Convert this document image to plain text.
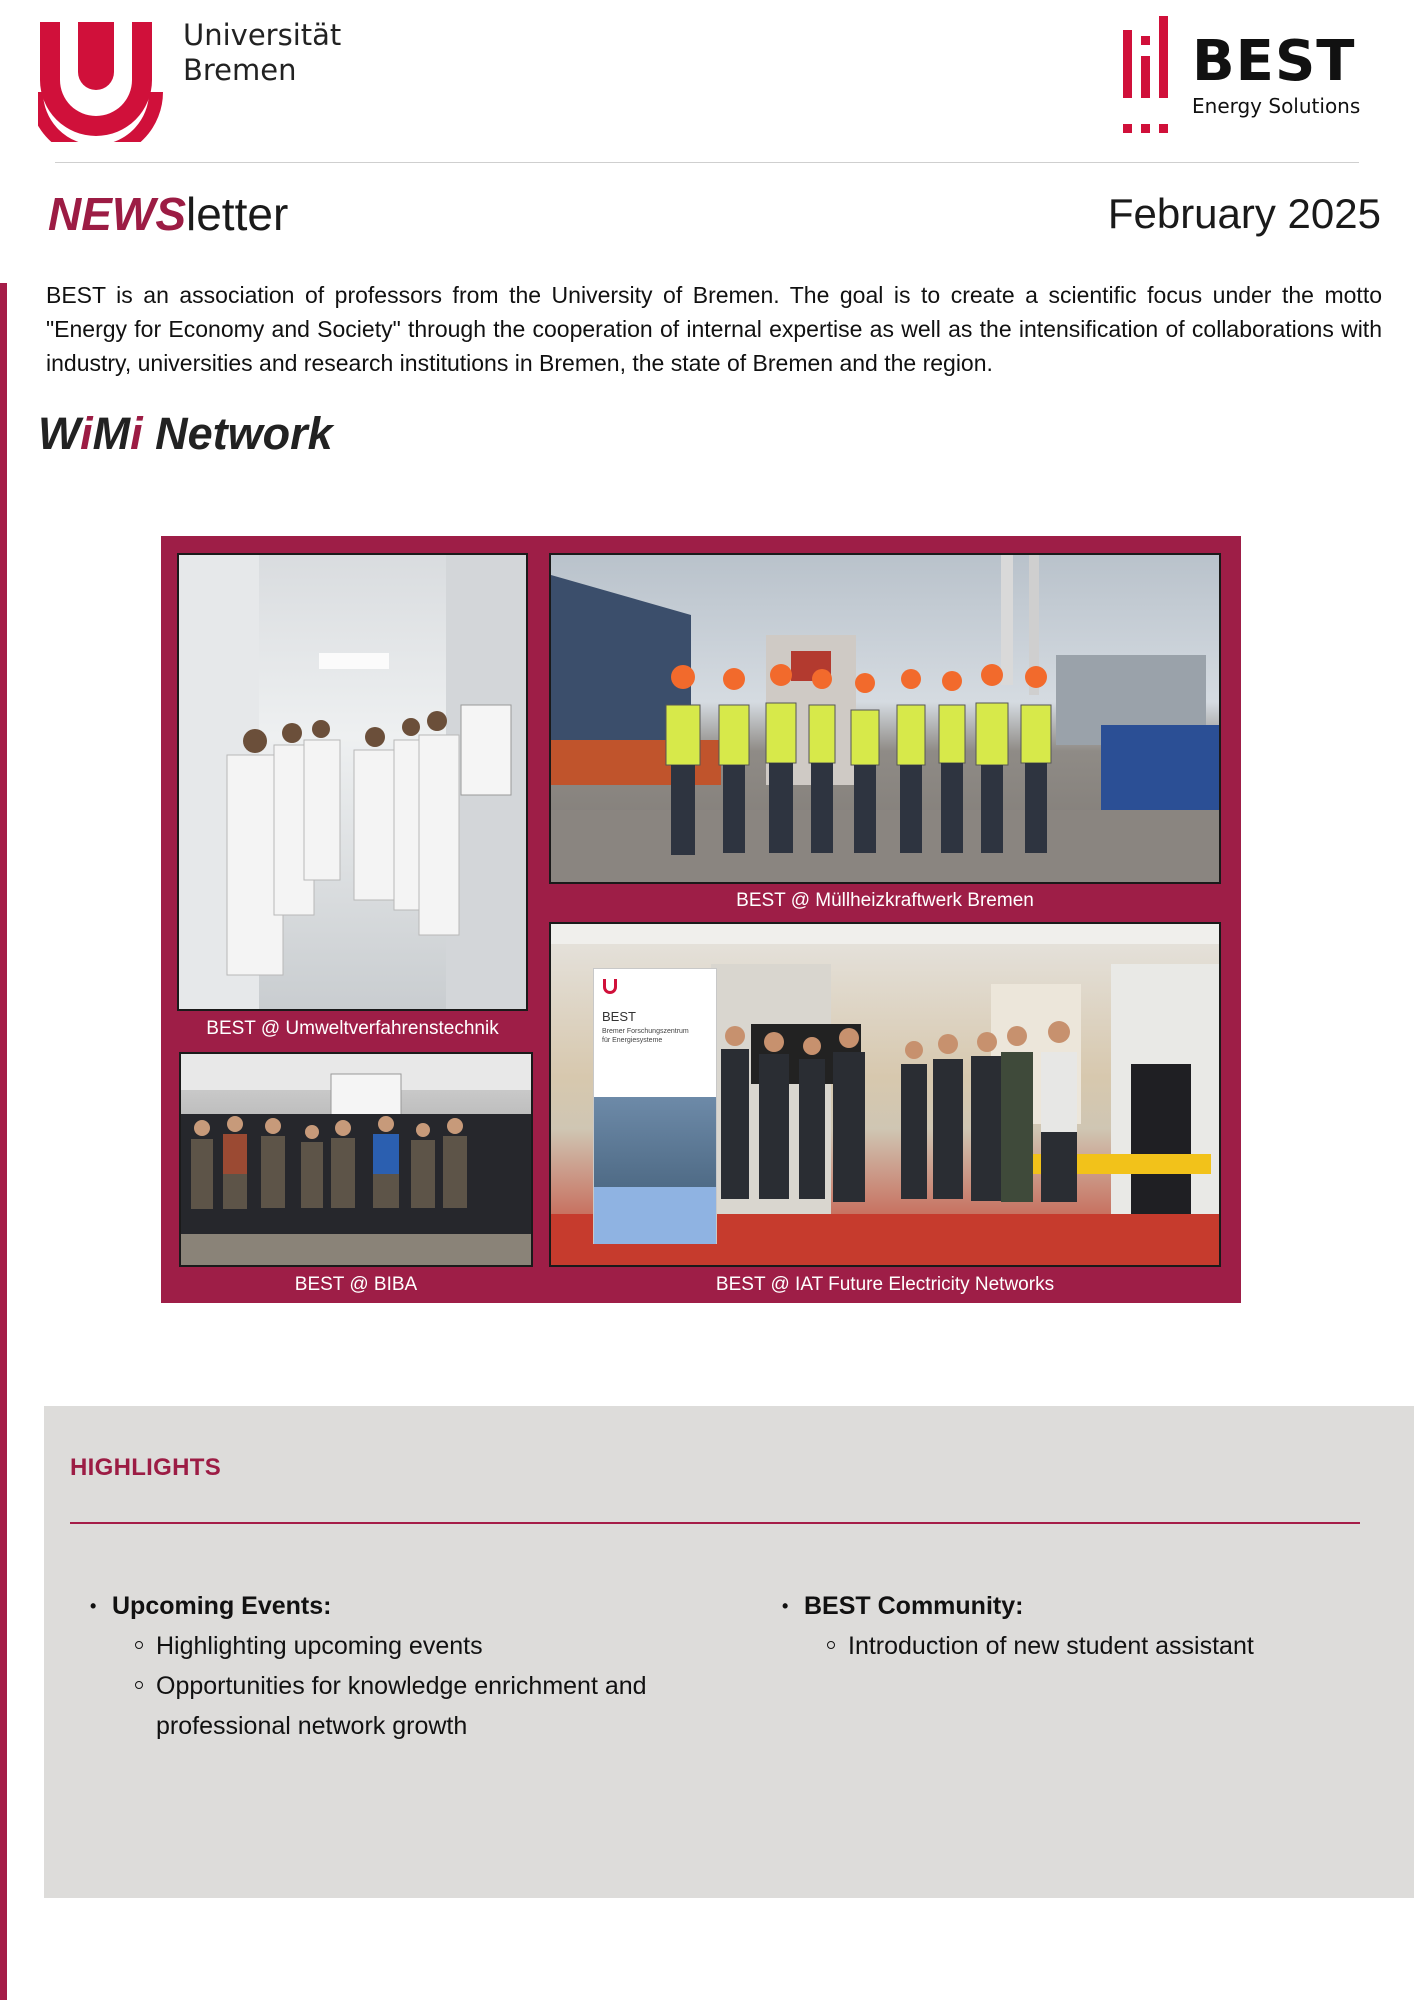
Universität
Bremen	BEST
Energy Solutions
NEWSletter	February 2025

BEST is an association of professors from the University of Bremen. The goal is to create a scientific focus under the motto "Energy for Economy and Society" through the cooperation of internal expertise as well as the intensification of collaborations with industry, universities and research institutions in Bremen, the state of Bremen and the region.

WiMi Network
BEST @ Umweltverfahrenstechnik
BEST @ Müllheizkraftwerk Bremen
BEST @ BIBA
BEST
Bremer Forschungszentrum
für Energiesysteme
BEST @ IAT Future Electricity Networks
HIGHLIGHTS
• Upcoming Events:
Highlighting upcoming events
Opportunities for knowledge enrichment and professional network growth
• BEST Community:
Introduction of new student assistant
